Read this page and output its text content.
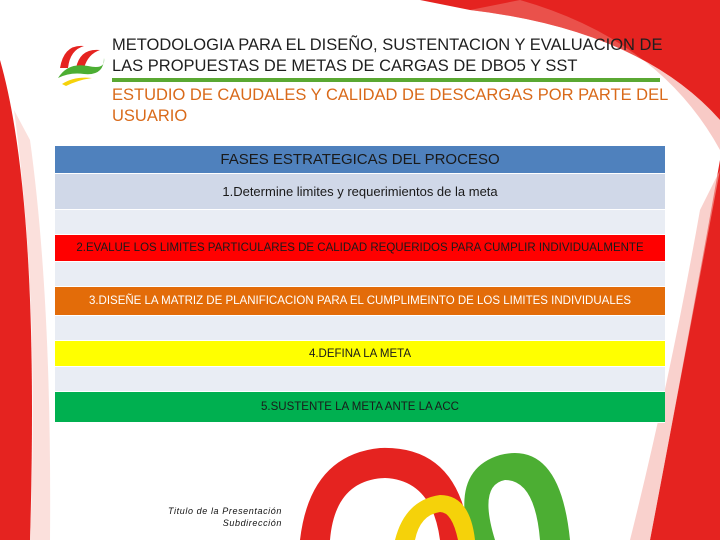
METODOLOGIA PARA EL DISEÑO, SUSTENTACION Y EVALUACION DE LAS PROPUESTAS DE METAS DE CARGAS DE DBO5 Y SST
ESTUDIO DE CAUDALES Y CALIDAD DE DESCARGAS POR PARTE DEL USUARIO
FASES ESTRATEGICAS DEL PROCESO
1.Determine limites y requerimientos de la meta
2.EVALUE LOS LIMITES PARTICULARES DE CALIDAD REQUERIDOS PARA CUMPLIR INDIVIDUALMENTE
3.DISEÑE LA MATRIZ DE PLANIFICACION PARA EL CUMPLIMEINTO DE LOS LIMITES INDIVIDUALES
4.DEFINA LA META
5.SUSTENTE LA META ANTE LA ACC
Titulo de la Presentación
Subdirección
